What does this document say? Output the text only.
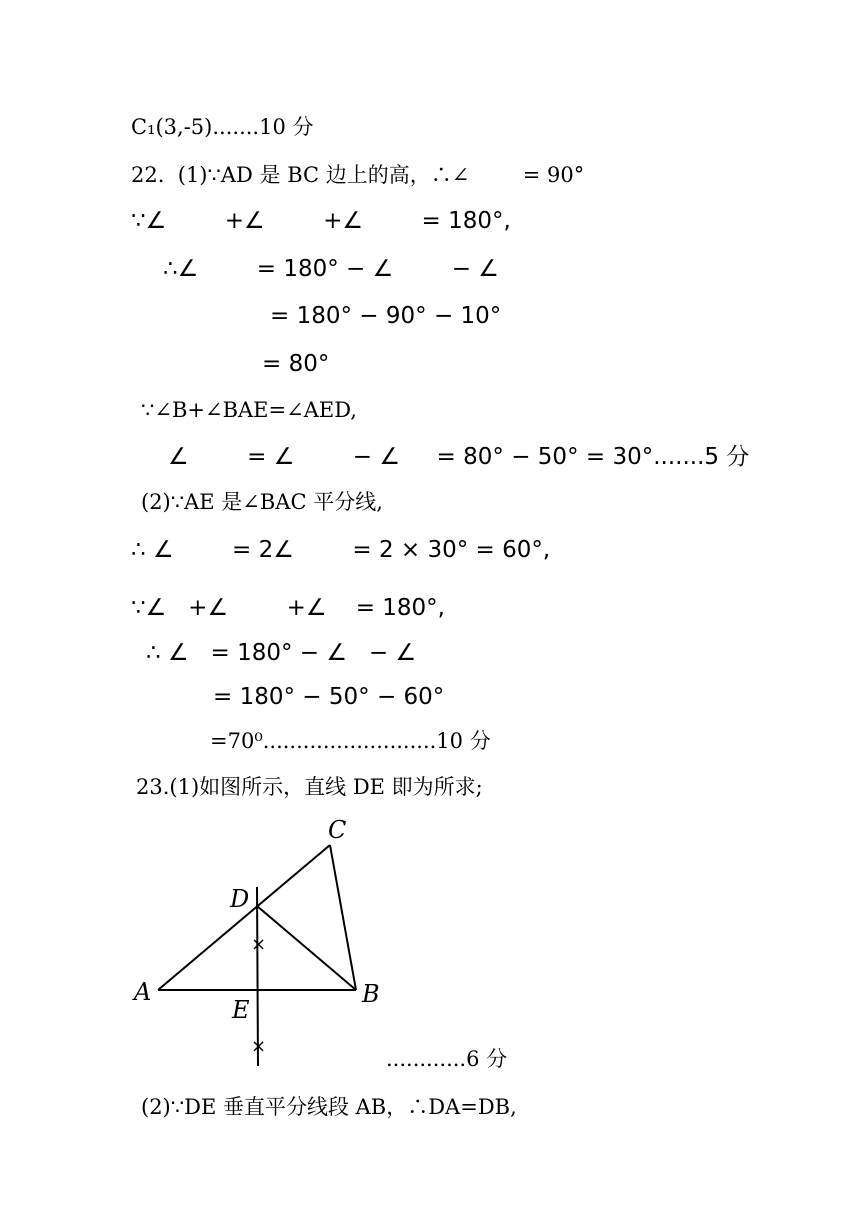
C₁(3,-5).......10 分
22.  (1)∵AD 是 BC 边上的高，∴∠        = 90°
∵∠        +∠        +∠        = 180°,
∴∠        = 180° − ∠        − ∠
= 180° − 90° − 10°
= 80°
∵∠B+∠BAE=∠AED,
∠        = ∠        − ∠     = 80° − 50° = 30°.......5 分
(2)∵AE 是∠BAC 平分线,
∴ ∠        = 2∠        = 2 × 30° = 60°,
∵∠   +∠        +∠    = 180°,
∴ ∠   = 180° − ∠   − ∠
= 180° − 50° − 60°
=70⁰..........................10 分
23.(1)如图所示，直线 DE 即为所求;
C
D
A	B
E
×
×
............6 分
(2)∵DE 垂直平分线段 AB，∴DA=DB,
